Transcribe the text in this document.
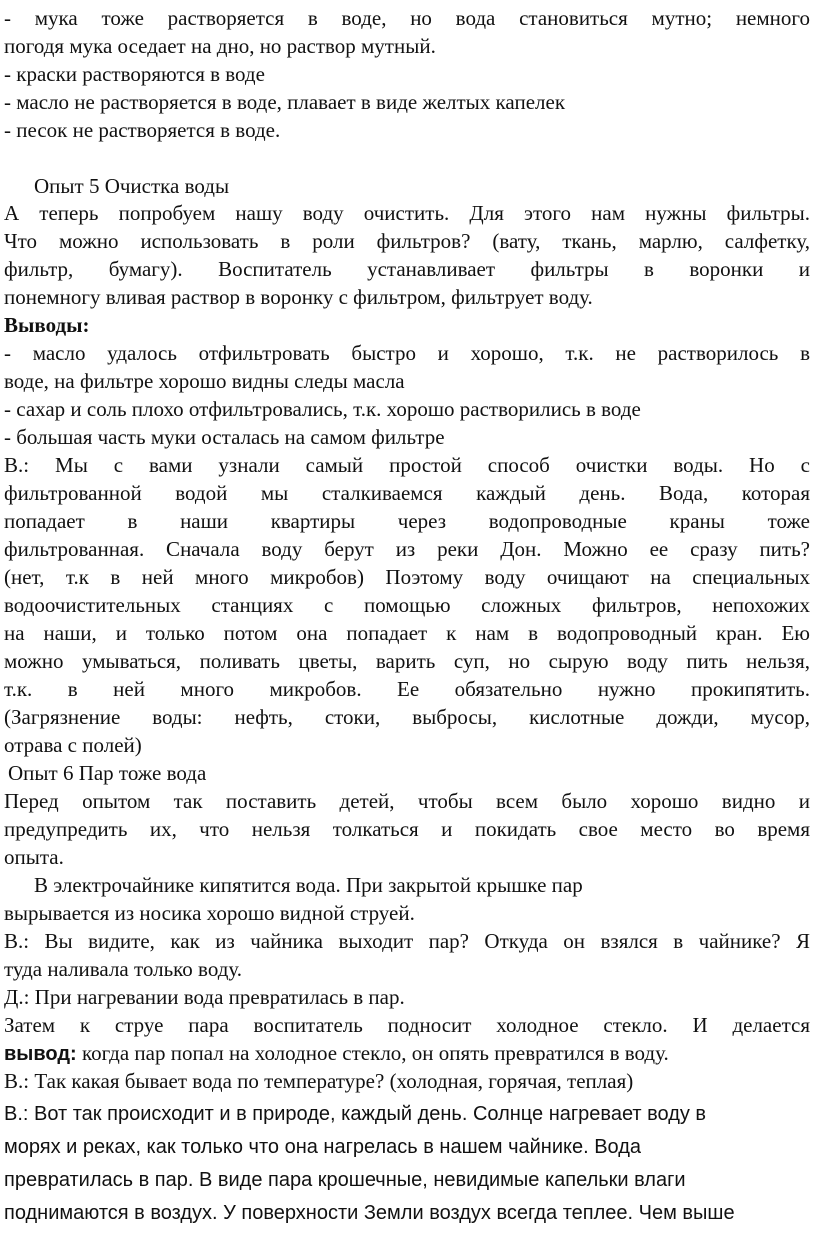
- мука тоже растворяется в воде, но вода становиться мутно; немного
погодя мука оседает на дно, но раствор мутный.
- краски растворяются в воде
- масло не растворяется в воде, плавает в виде желтых капелек
- песок не растворяется в воде.
Опыт 5 Очистка воды
А теперь попробуем нашу воду очистить. Для этого нам нужны фильтры.
Что можно использовать в роли фильтров? (вату, ткань, марлю, салфетку,
фильтр, бумагу). Воспитатель устанавливает фильтры в воронки и
понемногу вливая раствор в воронку с фильтром, фильтрует воду.
Выводы:
- масло удалось отфильтровать быстро и хорошо, т.к. не растворилось в
воде, на фильтре хорошо видны следы масла
- сахар и соль плохо отфильтровались, т.к. хорошо растворились в воде
- большая часть муки осталась на самом фильтре
В.: Мы с вами узнали самый простой способ очистки воды. Но с
фильтрованной водой мы сталкиваемся каждый день. Вода, которая
попадает в наши квартиры через водопроводные краны тоже
фильтрованная. Сначала воду берут из реки Дон. Можно ее сразу пить?
(нет, т.к в ней много микробов) Поэтому воду очищают на специальных
водоочистительных станциях с помощью сложных фильтров, непохожих
на наши, и только потом она попадает к нам в водопроводный кран. Ею
можно умываться, поливать цветы, варить суп, но сырую воду пить нельзя,
т.к. в ней много микробов. Ее обязательно нужно прокипятить.
(Загрязнение воды: нефть, стоки, выбросы, кислотные дожди, мусор,
отрава с полей)
Опыт 6 Пар тоже вода
Перед опытом так поставить детей, чтобы всем было хорошо видно и
предупредить их, что нельзя толкаться и покидать свое место во время
опыта.
В электрочайнике кипятится вода. При закрытой крышке пар
вырывается из носика хорошо видной струей.
В.: Вы видите, как из чайника выходит пар? Откуда он взялся в чайнике? Я
туда наливала только воду.
Д.: При нагревании вода превратилась в пар.
Затем к струе пара воспитатель подносит холодное стекло. И делается
вывод: когда пар попал на холодное стекло, он опять превратился в воду.
В.: Так какая бывает вода по температуре? (холодная, горячая, теплая)
В.: Вот так происходит и в природе, каждый день. Солнце нагревает воду в
морях и реках, как только что она нагрелась в нашем чайнике. Вода
превратилась в пар. В виде пара крошечные, невидимые капельки влаги
поднимаются в воздух. У поверхности Земли воздух всегда теплее. Чем выше
